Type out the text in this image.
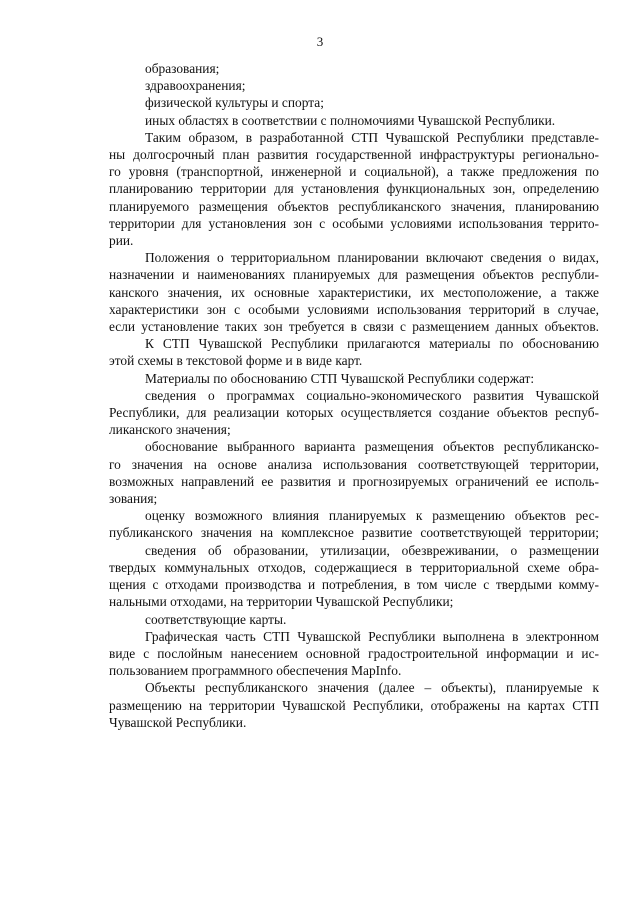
3
образования;
здравоохранения;
физической культуры и спорта;
иных областях в соответствии с полномочиями Чувашской Республики.
Таким образом, в разработанной СТП Чувашской Республики представле-
ны долгосрочный план развития государственной инфраструктуры регионально-
го уровня (транспортной, инженерной и социальной), а также предложения по
планированию территории для установления функциональных зон, определению
планируемого размещения объектов республиканского значения, планированию
территории для установления зон с особыми условиями использования террито-
рии.
Положения о территориальном планировании включают сведения о видах,
назначении и наименованиях планируемых для размещения объектов республи-
канского значения, их основные характеристики, их местоположение, а также
характеристики зон с особыми условиями использования территорий в случае,
если установление таких зон требуется в связи с размещением данных объектов.
К СТП Чувашской Республики прилагаются материалы по обоснованию
этой схемы в текстовой форме и в виде карт.
Материалы по обоснованию СТП Чувашской Республики содержат:
сведения о программах социально-экономического развития Чувашской
Республики, для реализации которых осуществляется создание объектов респуб-
ликанского значения;
обоснование выбранного варианта размещения объектов республиканско-
го значения на основе анализа использования соответствующей территории,
возможных направлений ее развития и прогнозируемых ограничений ее исполь-
зования;
оценку возможного влияния планируемых к размещению объектов рес-
публиканского значения на комплексное развитие соответствующей территории;
сведения об образовании, утилизации, обезвреживании, о размещении
твердых коммунальных отходов, содержащиеся в территориальной схеме обра-
щения с отходами производства и потребления, в том числе с твердыми комму-
нальными отходами, на территории Чувашской Республики;
соответствующие карты.
Графическая часть СТП Чувашской Республики выполнена в электронном
виде с послойным нанесением основной градостроительной информации и ис-
пользованием программного обеспечения MapInfo.
Объекты республиканского значения (далее – объекты), планируемые к
размещению на территории Чувашской Республики, отображены на картах СТП
Чувашской Республики.
